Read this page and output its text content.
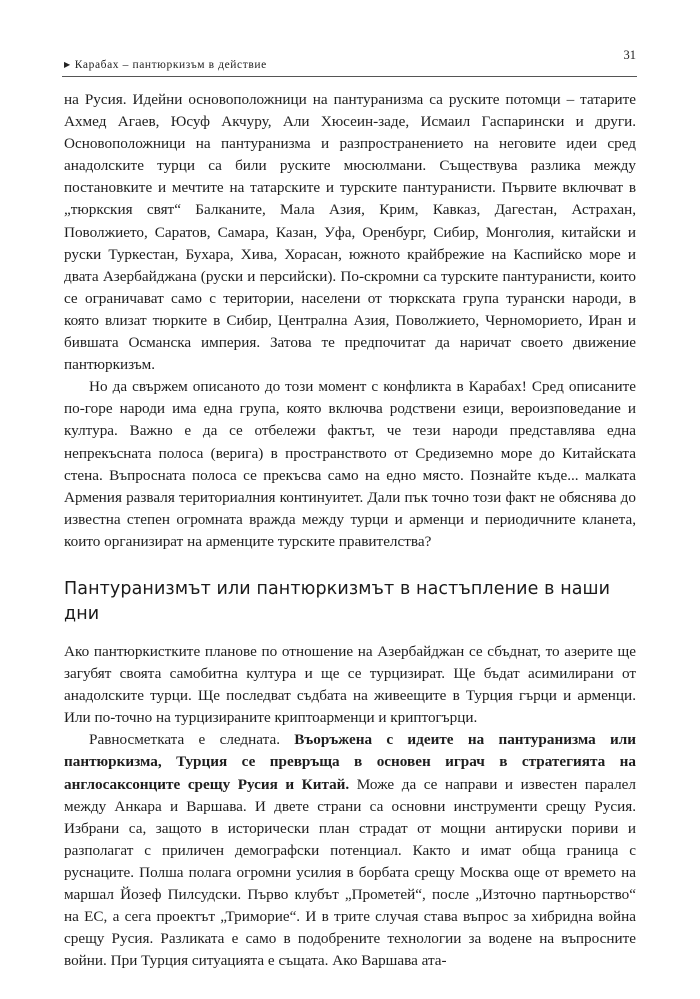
▶ Карабах – пантюркизъм в действие
31

на Русия. Идейни основоположници на пантуранизма са руските потомци – татарите Ахмед Агаев, Юсуф Акчуру, Али Хюсеин-заде, Исмаил Гаспарински и други. Основоположници на пантуранизма и разпространението на неговите идеи сред анадолските турци са били руските мюсюлмани. Съществува разлика между постановките и мечтите на татарските и турските пантуранисти. Първите включват в „тюркския свят“ Балканите, Мала Азия, Крим, Кавказ, Дагестан, Астрахан, Поволжието, Саратов, Самара, Казан, Уфа, Оренбург, Сибир, Монголия, китайски и руски Туркестан, Бухара, Хива, Хорасан, южното крайбрежие на Каспийско море и двата Азербайджана (руски и персийски). По-скромни са турските пантуранисти, които се ограничават само с територии, населени от тюркската група турански народи, в която влизат тюрките в Сибир, Централна Азия, Поволжието, Черноморието, Иран и бившата Османска империя. Затова те предпочитат да наричат своето движение пантюркизъм.

Но да свържем описаното до този момент с конфликта в Карабах! Сред описаните по-горе народи има една група, която включва родствени езици, вероизповедание и култура. Важно е да се отбележи фактът, че тези народи представлява една непрекъсната полоса (верига) в пространството от Средиземно море до Китайската стена. Въпросната полоса се прекъсва само на едно място. Познайте къде... малката Армения разваля териториалния континуитет. Дали пък точно този факт не обяснява до известна степен огромната вражда между турци и арменци и периодичните кланета, които организират на арменците турските правителства?

Пантуранизмът или пантюркизмът в настъпление в наши дни

Ако пантюркистките планове по отношение на Азербайджан се сбъднат, то азерите ще загубят своята самобитна култура и ще се турцизират. Ще бъдат асимилирани от анадолските турци. Ще последват съдбата на живеещите в Турция гърци и арменци. Или по-точно на турцизираните криптоарменци и криптогърци.

Равносметката е следната. Въоръжена с идеите на пантуранизма или пантюркизма, Турция се превръща в основен играч в стратегията на англосаксонците срещу Русия и Китай. Може да се направи и известен паралел между Анкара и Варшава. И двете страни са основни инструменти срещу Русия. Избрани са, защото в исторически план страдат от мощни антируски пориви и разполагат с приличен демографски потенциал. Както и имат обща граница с руснаците. Полша полага огромни усилия в борбата срещу Москва още от времето на маршал Йозеф Пилсудски. Първо клубът „Прометей“, после „Източно партньорство“ на ЕС, а сега проектът „Триморие“. И в трите случая става въпрос за хибридна война срещу Русия. Разликата е само в подобрените технологии за водене на въпросните войни. При Турция ситуацията е същата. Ако Варшава ата-
